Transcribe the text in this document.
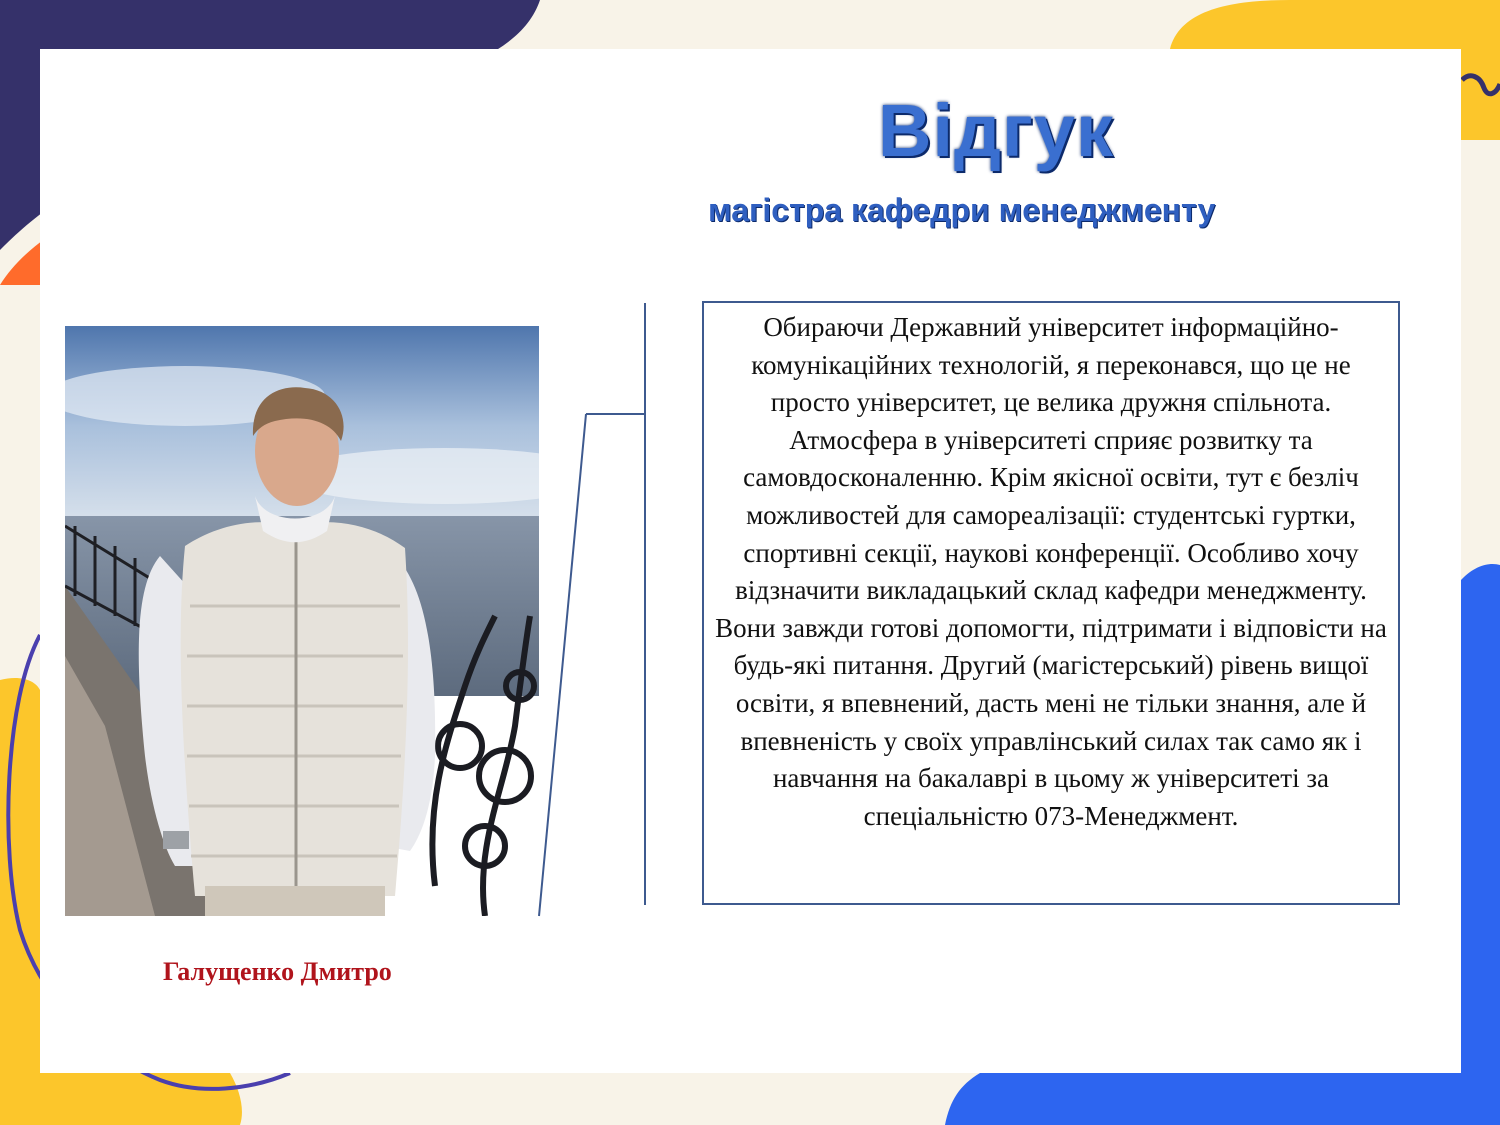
Відгук
магістра кафедри менеджменту

Обираючи Державний університет інформаційно-комунікаційних технологій, я переконався, що це не просто університет, це велика дружня спільнота. Атмосфера в університеті сприяє розвитку та самовдосконаленню. Крім якісної освіти, тут є безліч можливостей для самореалізації: студентські гуртки, спортивні секції, наукові конференції. Особливо хочу відзначити викладацький склад кафедри менеджменту. Вони завжди готові допомогти, підтримати і відповісти на будь-які питання. Другий (магістерський) рівень вищої освіти, я впевнений, дасть мені не тільки знання, але й впевненість у своїх управлінський силах так само як і навчання на бакалаврі в цьому ж університеті за спеціальністю 073-Менеджмент.

Галущенко Дмитро
